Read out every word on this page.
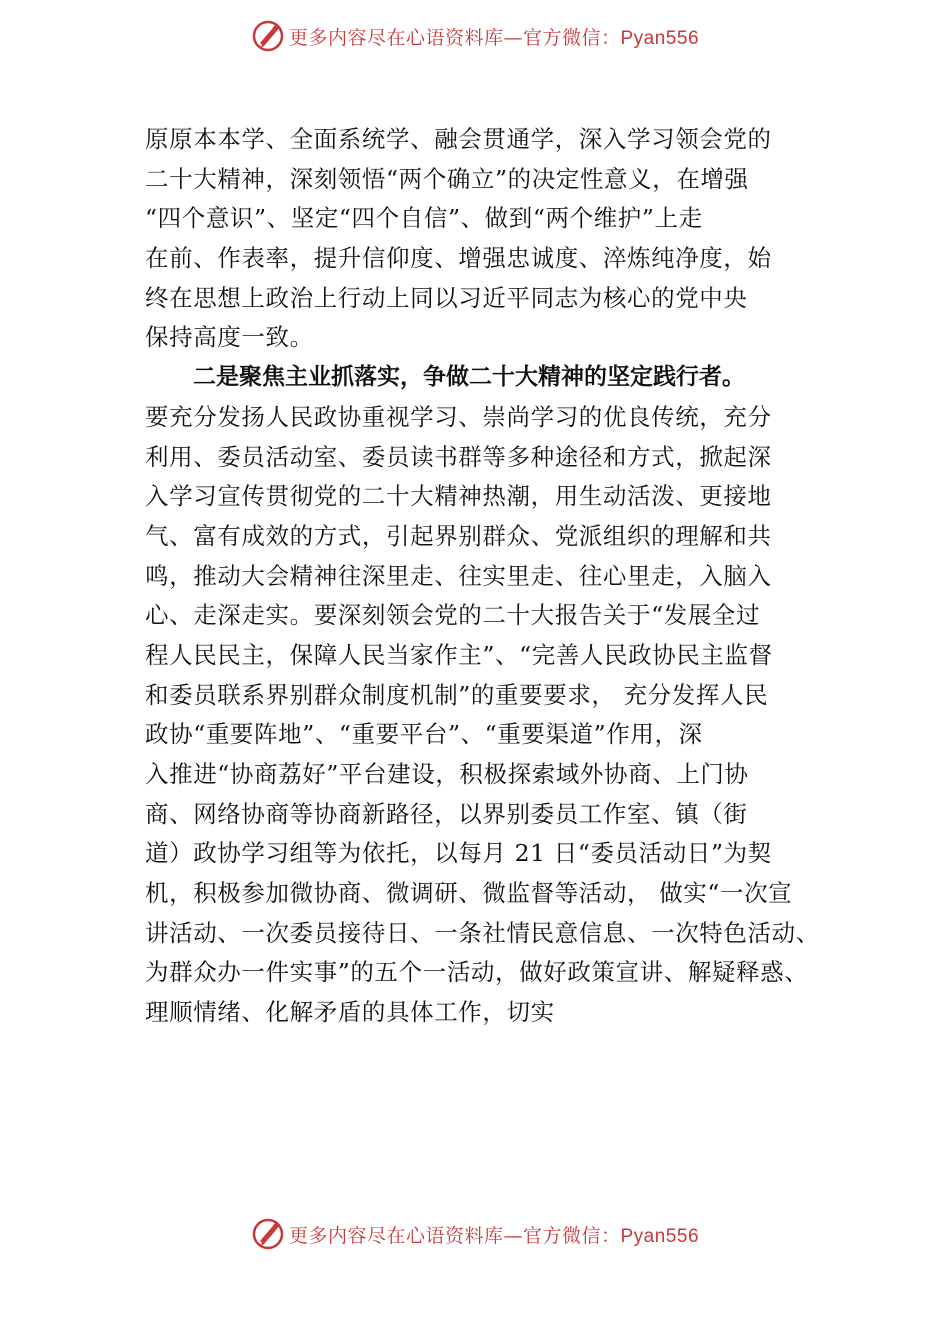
更多内容尽在心语资料库—官方微信：Pyan556
原原本本学、全面系统学、融会贯通学，深入学习领会党的
二十大精神，深刻领悟“两个确立”的决定性意义，在增强
“四个意识”、坚定“四个自信”、做到“两个维护”上走
在前、作表率，提升信仰度、增强忠诚度、淬炼纯净度，始
终在思想上政治上行动上同以习近平同志为核心的党中央
保持高度一致。
二是聚焦主业抓落实，争做二十大精神的坚定践行者。
要充分发扬人民政协重视学习、崇尚学习的优良传统，充分
利用、委员活动室、委员读书群等多种途径和方式，掀起深
入学习宣传贯彻党的二十大精神热潮，用生动活泼、更接地
气、富有成效的方式，引起界别群众、党派组织的理解和共
鸣，推动大会精神往深里走、往实里走、往心里走，入脑入
心、走深走实。要深刻领会党的二十大报告关于“发展全过
程人民民主，保障人民当家作主”、“完善人民政协民主监督
和委员联系界别群众制度机制”的重要要求， 充分发挥人民
政协“重要阵地”、“重要平台”、“重要渠道”作用，深
入推进“协商荔好”平台建设，积极探索域外协商、上门协
商、网络协商等协商新路径，以界别委员工作室、镇（街
道）政协学习组等为依托，以每月 21 日“委员活动日”为契
机，积极参加微协商、微调研、微监督等活动， 做实“一次宣
讲活动、一次委员接待日、一条社情民意信息、一次特色活动、
为群众办一件实事”的五个一活动，做好政策宣讲、解疑释惑、
理顺情绪、化解矛盾的具体工作，切实
更多内容尽在心语资料库—官方微信：Pyan556
